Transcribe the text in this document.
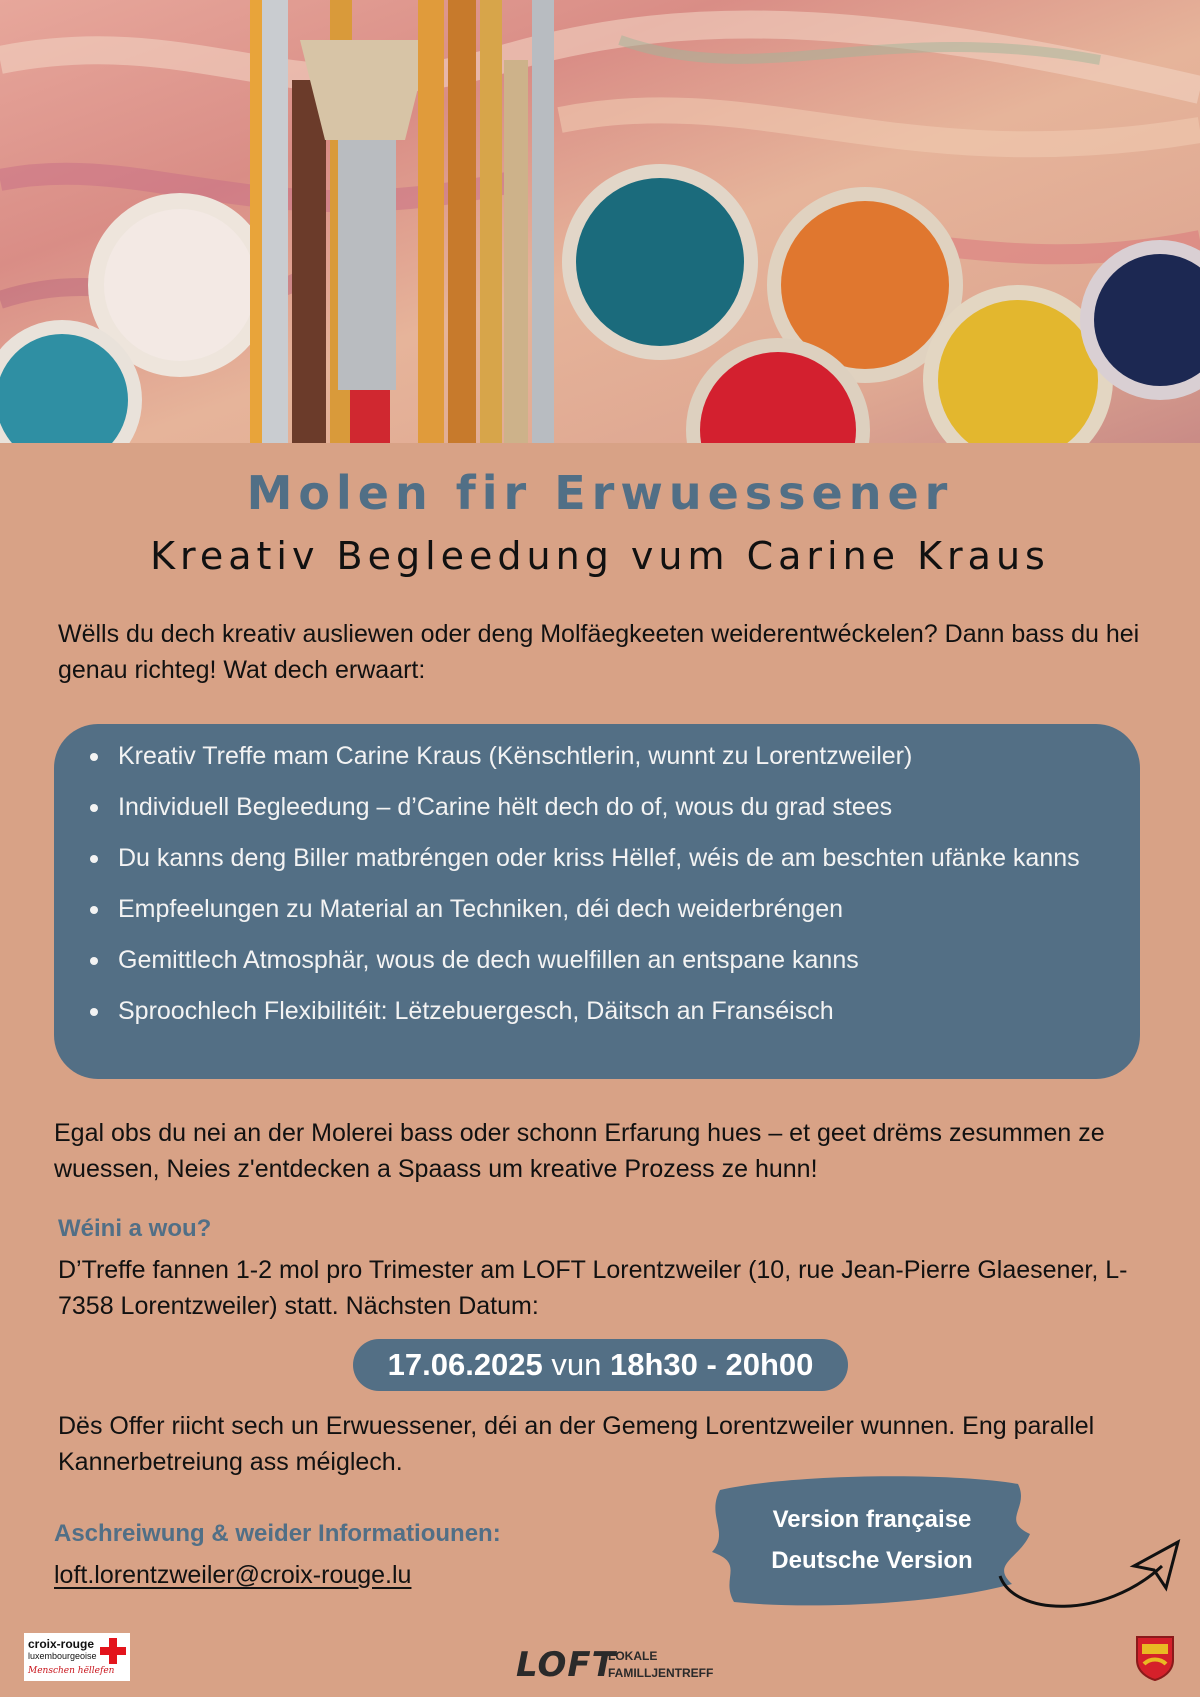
Molen fir Erwuessener
Kreativ Begleedung vum Carine Kraus

Wëlls du dech kreativ ausliewen oder deng Molfäegkeeten weiderentwéckelen? Dann bass du hei genau richteg! Wat dech erwaart:

Kreativ Treffe mam Carine Kraus (Kënschtlerin, wunnt zu Lorentzweiler)
Individuell Begleedung – d’Carine hëlt dech do of, wous du grad stees
Du kanns deng Biller matbréngen oder kriss Hëllef, wéis de am beschten ufänke kanns
Empfeelungen zu Material an Techniken, déi dech weiderbréngen
Gemittlech Atmosphär, wous de dech wuelfillen an entspane kanns
Sproochlech Flexibilitéit: Lëtzebuergesch, Däitsch an Franséisch

Egal obs du nei an der Molerei bass oder schonn Erfarung hues – et geet drëms zesummen ze wuessen, Neies z'entdecken a Spaass um kreative Prozess ze hunn!

Wéini a wou?

D’Treffe fannen 1-2 mol pro Trimester am LOFT Lorentzweiler (10, rue Jean-Pierre Glaesener, L-7358 Lorentzweiler) statt. Nächsten Datum:

17.06.2025 vun 18h30 - 20h00

Dës Offer riicht sech un Erwuessener, déi an der Gemeng Lorentzweiler wunnen. Eng parallel Kannerbetreiung ass méiglech.

Aschreiwung & weider Informatiounen:
loft.lorentzweiler@croix-rouge.lu
Version française
Deutsche Version
croix-rouge
luxembourgeoise
Menschen hëllefen	LOFT
LOKALE
FAMILLJENTREFF
